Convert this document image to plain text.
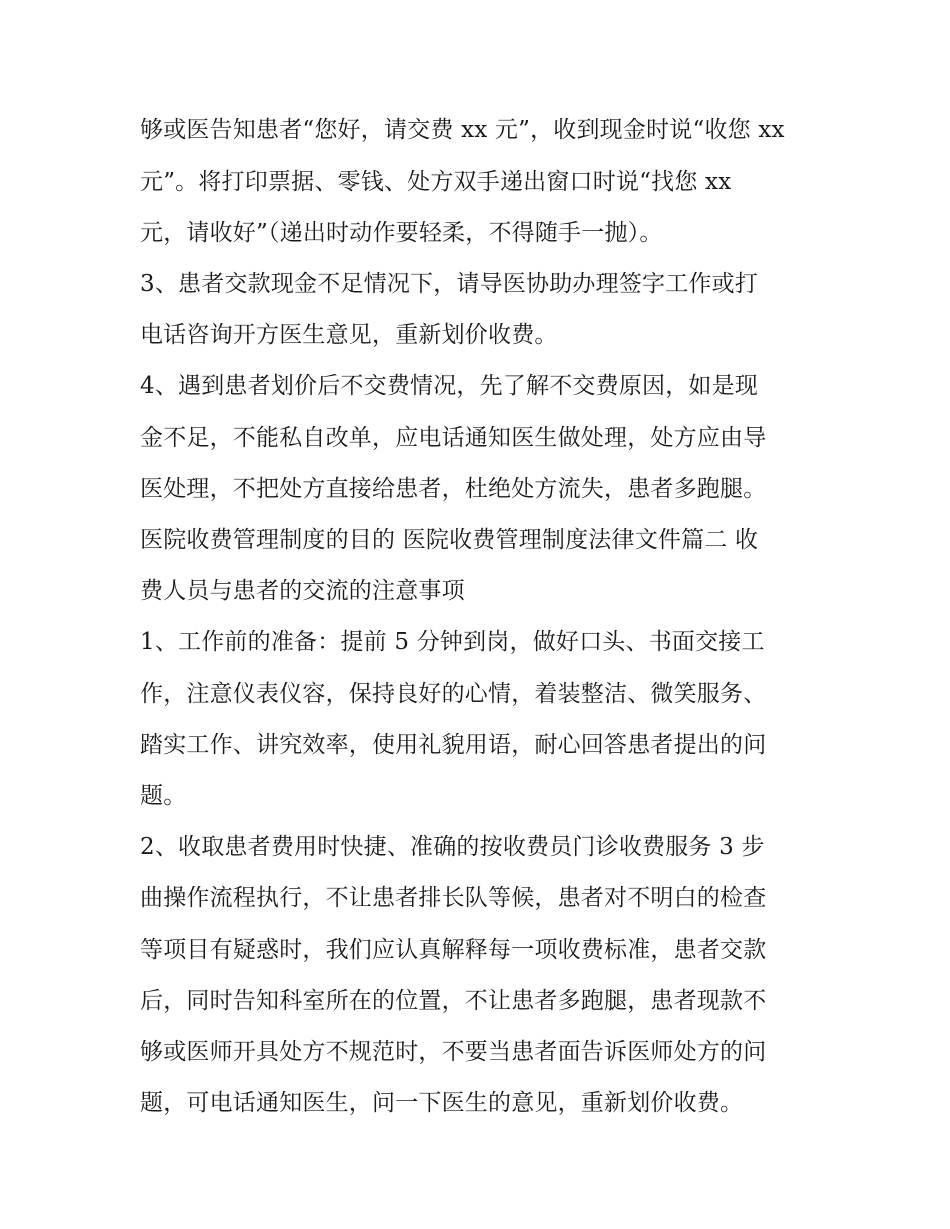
够或医告知患者“您好，请交费 xx 元”，收到现金时说“收您 xx
元”。将打印票据、零钱、处方双手递出窗口时说“找您 xx
元，请收好”（递出时动作要轻柔，不得随手一抛）。
3、患者交款现金不足情况下，请导医协助办理签字工作或打
电话咨询开方医生意见，重新划价收费。
4、遇到患者划价后不交费情况，先了解不交费原因，如是现
金不足，不能私自改单，应电话通知医生做处理，处方应由导
医处理，不把处方直接给患者，杜绝处方流失，患者多跑腿。
医院收费管理制度的目的 医院收费管理制度法律文件篇二 收
费人员与患者的交流的注意事项
1、工作前的准备：提前 5 分钟到岗，做好口头、书面交接工
作，注意仪表仪容，保持良好的心情，着装整洁、微笑服务、
踏实工作、讲究效率，使用礼貌用语，耐心回答患者提出的问
题。
2、收取患者费用时快捷、准确的按收费员门诊收费服务 3 步
曲操作流程执行，不让患者排长队等候，患者对不明白的检查
等项目有疑惑时，我们应认真解释每一项收费标准，患者交款
后，同时告知科室所在的位置，不让患者多跑腿，患者现款不
够或医师开具处方不规范时，不要当患者面告诉医师处方的问
题，可电话通知医生，问一下医生的意见，重新划价收费。
